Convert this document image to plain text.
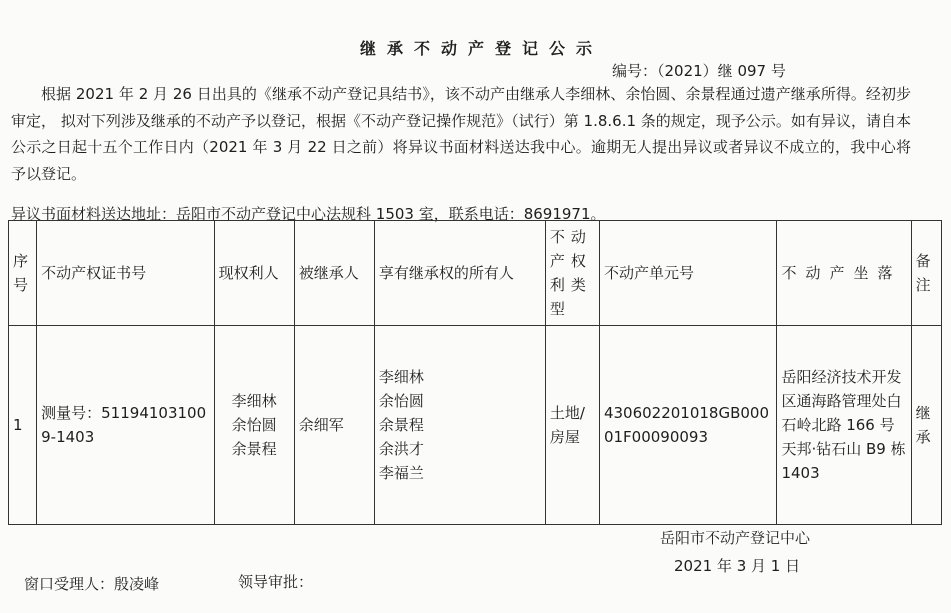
继承不动产登记公示
编号：（2021）继 097 号

根据 2021 年 2 月 26 日出具的《继承不动产登记具结书》，该不动产由继承人李细林、余怡圆、余景程通过遗产继承所得。经初步审定， 拟对下列涉及继承的不动产予以登记，根据《不动产登记操作规范》（试行）第 1.8.6.1 条的规定，现予公示。如有异议，请自本公示之日起十五个工作日内（2021 年 3 月 22 日之前）将异议书面材料送达我中心。逾期无人提出异议或者异议不成立的，我中心将予以登记。

异议书面材料送达地址：岳阳市不动产登记中心法规科 1503 室，联系电话：8691971。
序号	不动产权证书号	现权利人	被继承人	享有继承权的所有人	不动产权利类型	不动产单元号	不动产坐落	备注
1	测量号：511941031009-1403	李细林
余怡圆
余景程	余细军	李细林
余怡圆
余景程
余洪才
李福兰	土地/房屋	430602201018GB00001F00090093	岳阳经济技术开发区通海路管理处白石岭北路 166 号天邦·钻石山 B9 栋 1403	继承
岳阳市不动产登记中心
2021 年 3 月 1 日
窗口受理人：殷凌峰	领导审批：
